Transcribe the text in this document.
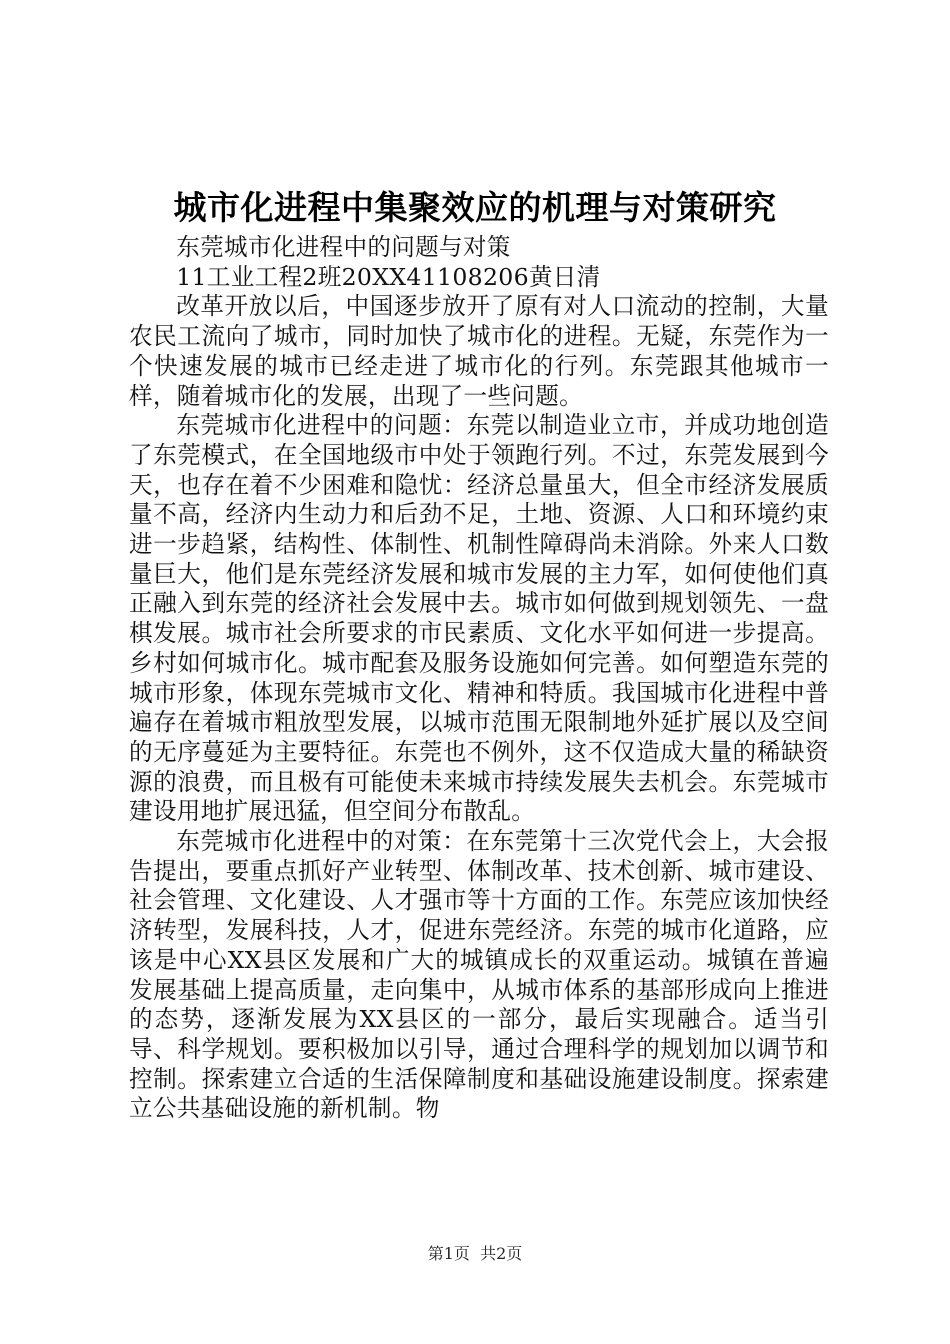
城市化进程中集聚效应的机理与对策研究

东莞城市化进程中的问题与对策

11工业工程2班20XX41108206黄日清

改革开放以后，中国逐步放开了原有对人口流动的控制，大量农民工流向了城市，同时加快了城市化的进程。无疑，东莞作为一个快速发展的城市已经走进了城市化的行列。东莞跟其他城市一样，随着城市化的发展，出现了一些问题。

东莞城市化进程中的问题：东莞以制造业立市，并成功地创造了东莞模式，在全国地级市中处于领跑行列。不过，东莞发展到今天，也存在着不少困难和隐忧：经济总量虽大，但全市经济发展质量不高，经济内生动力和后劲不足，土地、资源、人口和环境约束进一步趋紧，结构性、体制性、机制性障碍尚未消除。外来人口数量巨大，他们是东莞经济发展和城市发展的主力军，如何使他们真正融入到东莞的经济社会发展中去。城市如何做到规划领先、一盘棋发展。城市社会所要求的市民素质、文化水平如何进一步提高。乡村如何城市化。城市配套及服务设施如何完善。如何塑造东莞的城市形象，体现东莞城市文化、精神和特质。我国城市化进程中普遍存在着城市粗放型发展，以城市范围无限制地外延扩展以及空间的无序蔓延为主要特征。东莞也不例外，这不仅造成大量的稀缺资源的浪费，而且极有可能使未来城市持续发展失去机会。东莞城市建设用地扩展迅猛，但空间分布散乱。

东莞城市化进程中的对策：在东莞第十三次党代会上，大会报告提出，要重点抓好产业转型、体制改革、技术创新、城市建设、社会管理、文化建设、人才强市等十方面的工作。东莞应该加快经济转型，发展科技，人才，促进东莞经济。东莞的城市化道路，应该是中心XX县区发展和广大的城镇成长的双重运动。城镇在普遍发展基础上提高质量，走向集中，从城市体系的基部形成向上推进的态势，逐渐发展为XX县区的一部分，最后实现融合。适当引导、科学规划。要积极加以引导，通过合理科学的规划加以调节和控制。探索建立合适的生活保障制度和基础设施建设制度。探索建立公共基础设施的新机制。物

第1页 共2页
